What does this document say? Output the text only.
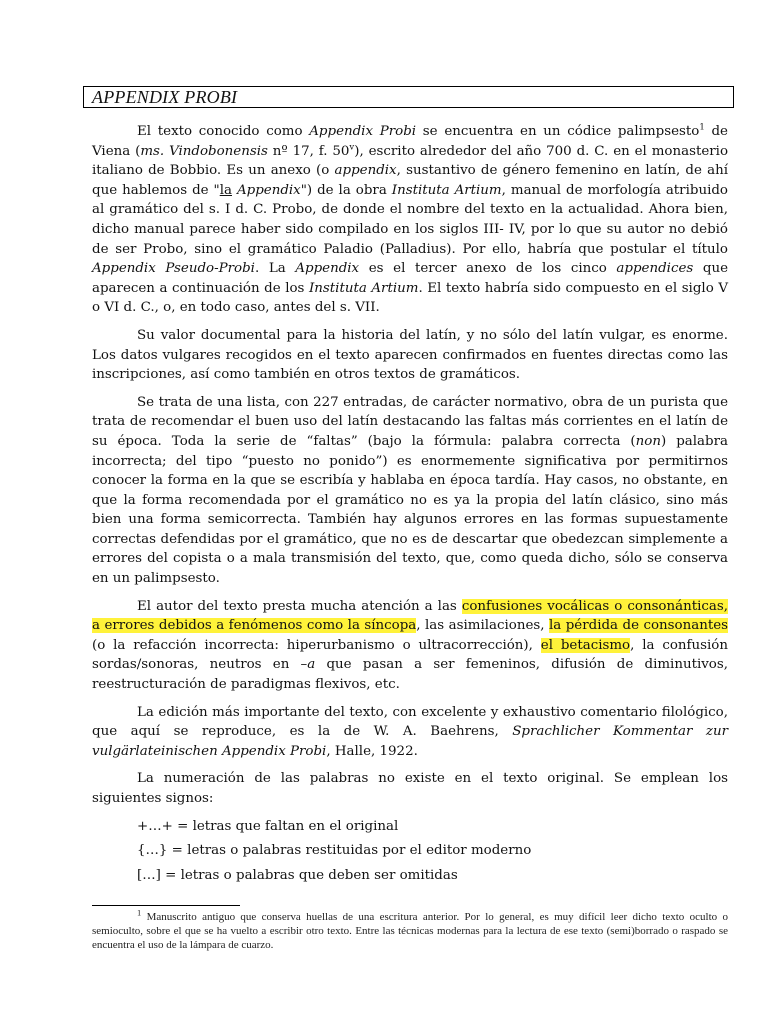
APPENDIX PROBI

El texto conocido como Appendix Probi se encuentra en un códice palimpsesto$^1$ de Viena (ms. Vindobonensis nº 17, f. 50$^v$), escrito alrededor del año 700 d. C. en el monasterio italiano de Bobbio. Es un anexo (o appendix, sustantivo de género femenino en latín, de ahí que hablemos de "la Appendix") de la obra Instituta Artium, manual de morfología atribuido al gramático del s. I d. C. Probo, de donde el nombre del texto en la actualidad. Ahora bien, dicho manual parece haber sido compilado en los siglos III- IV, por lo que su autor no debió de ser Probo, sino el gramático Paladio (Palladius). Por ello, habría que postular el título Appendix Pseudo-Probi. La Appendix es el tercer anexo de los cinco appendices que aparecen a continuación de los Instituta Artium. El texto habría sido compuesto en el siglo V o VI d. C., o, en todo caso, antes del s. VII.

Su valor documental para la historia del latín, y no sólo del latín vulgar, es enorme. Los datos vulgares recogidos en el texto aparecen confirmados en fuentes directas como las inscripciones, así como también en otros textos de gramáticos.

Se trata de una lista, con 227 entradas, de carácter normativo, obra de un purista que trata de recomendar el buen uso del latín destacando las faltas más corrientes en el latín de su época. Toda la serie de “faltas” (bajo la fórmula: palabra correcta (non) palabra incorrecta; del tipo “puesto no ponido”) es enormemente significativa por permitirnos conocer la forma en la que se escribía y hablaba en época tardía. Hay casos, no obstante, en que la forma recomendada por el gramático no es ya la propia del latín clásico, sino más bien una forma semicorrecta. También hay algunos errores en las formas supuestamente correctas defendidas por el gramático, que no es de descartar que obedezcan simplemente a errores del copista o a mala transmisión del texto, que, como queda dicho, sólo se conserva en un palimpsesto.

El autor del texto presta mucha atención a las confusiones vocálicas o consonánticas, a errores debidos a fenómenos como la síncopa, las asimilaciones, la pérdida de consonantes (o la refacción incorrecta: hiperurbanismo o ultracorrección), el betacismo, la confusión sordas/sonoras, neutros en –a que pasan a ser femeninos, difusión de diminutivos, reestructuración de paradigmas flexivos, etc.

La edición más importante del texto, con excelente y exhaustivo comentario filológico, que aquí se reproduce, es la de W. A. Baehrens, Sprachlicher Kommentar zur vulgärlateinischen Appendix Probi, Halle, 1922.

La numeración de las palabras no existe en el texto original. Se emplean los siguientes signos:

+…+ = letras que faltan en el original

{…} = letras o palabras restituidas por el editor moderno

[…] = letras o palabras que deben ser omitidas

$^1$ Manuscrito antiguo que conserva huellas de una escritura anterior. Por lo general, es muy difícil leer dicho texto oculto o semioculto, sobre el que se ha vuelto a escribir otro texto. Entre las técnicas modernas para la lectura de ese texto (semi)borrado o raspado se encuentra el uso de la lámpara de cuarzo.
